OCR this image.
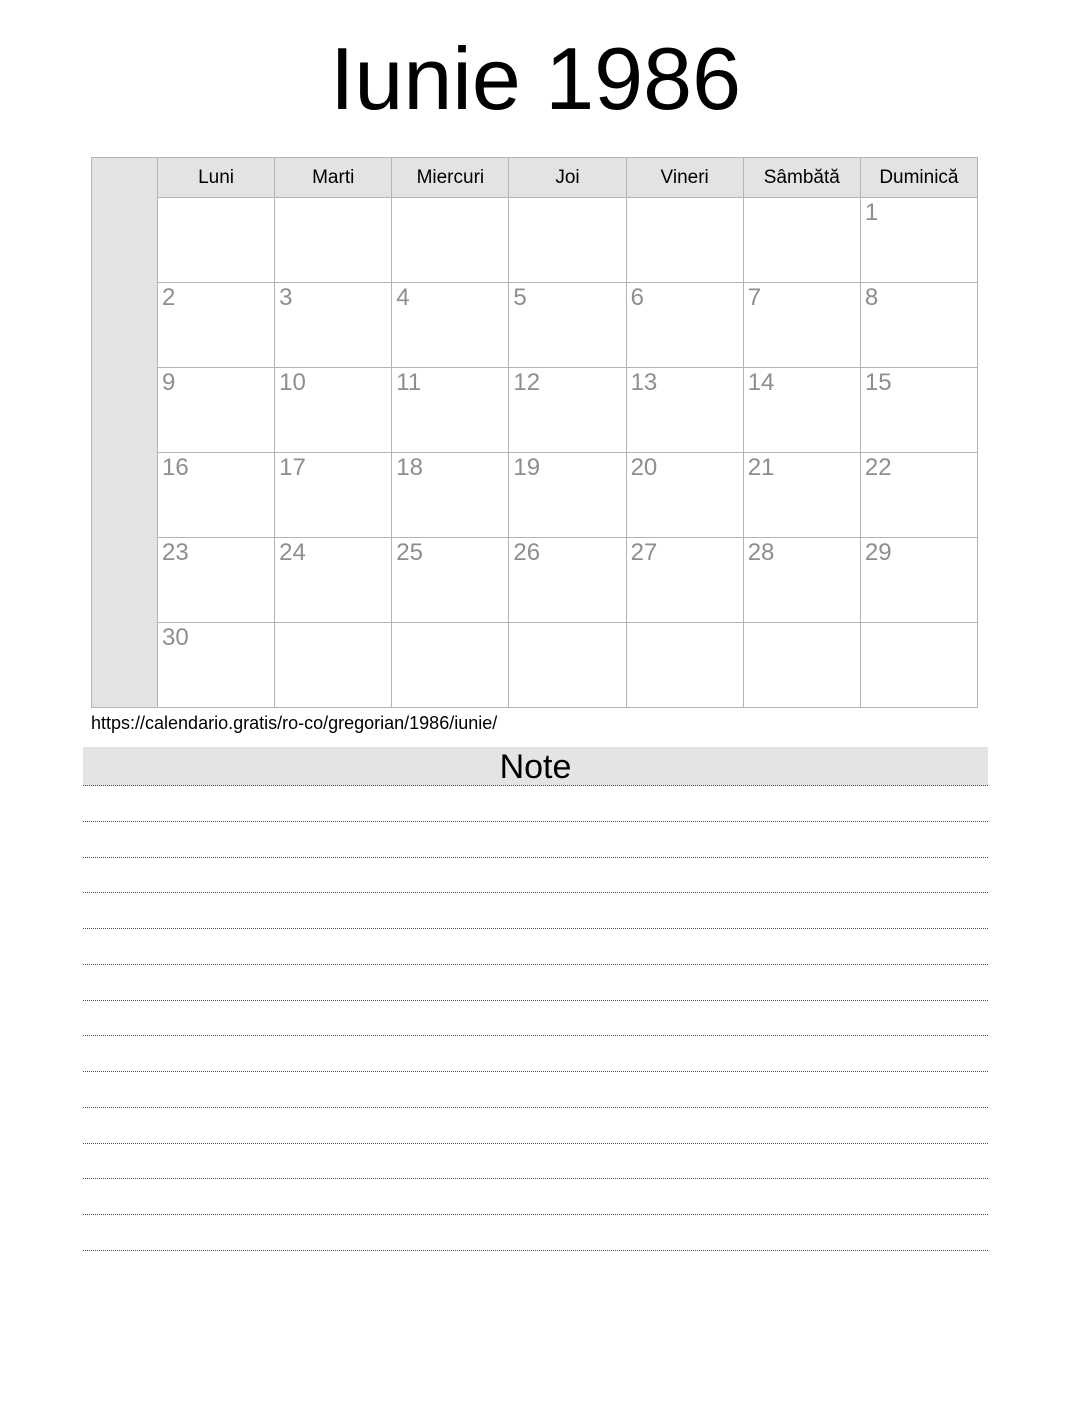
Iunie 1986
	Luni	Marti	Miercuri	Joi	Vineri	Sâmbătă	Duminică
							1
	2	3	4	5	6	7	8
	9	10	11	12	13	14	15
	16	17	18	19	20	21	22
	23	24	25	26	27	28	29
	30						
https://calendario.gratis/ro-co/gregorian/1986/iunie/
Note
